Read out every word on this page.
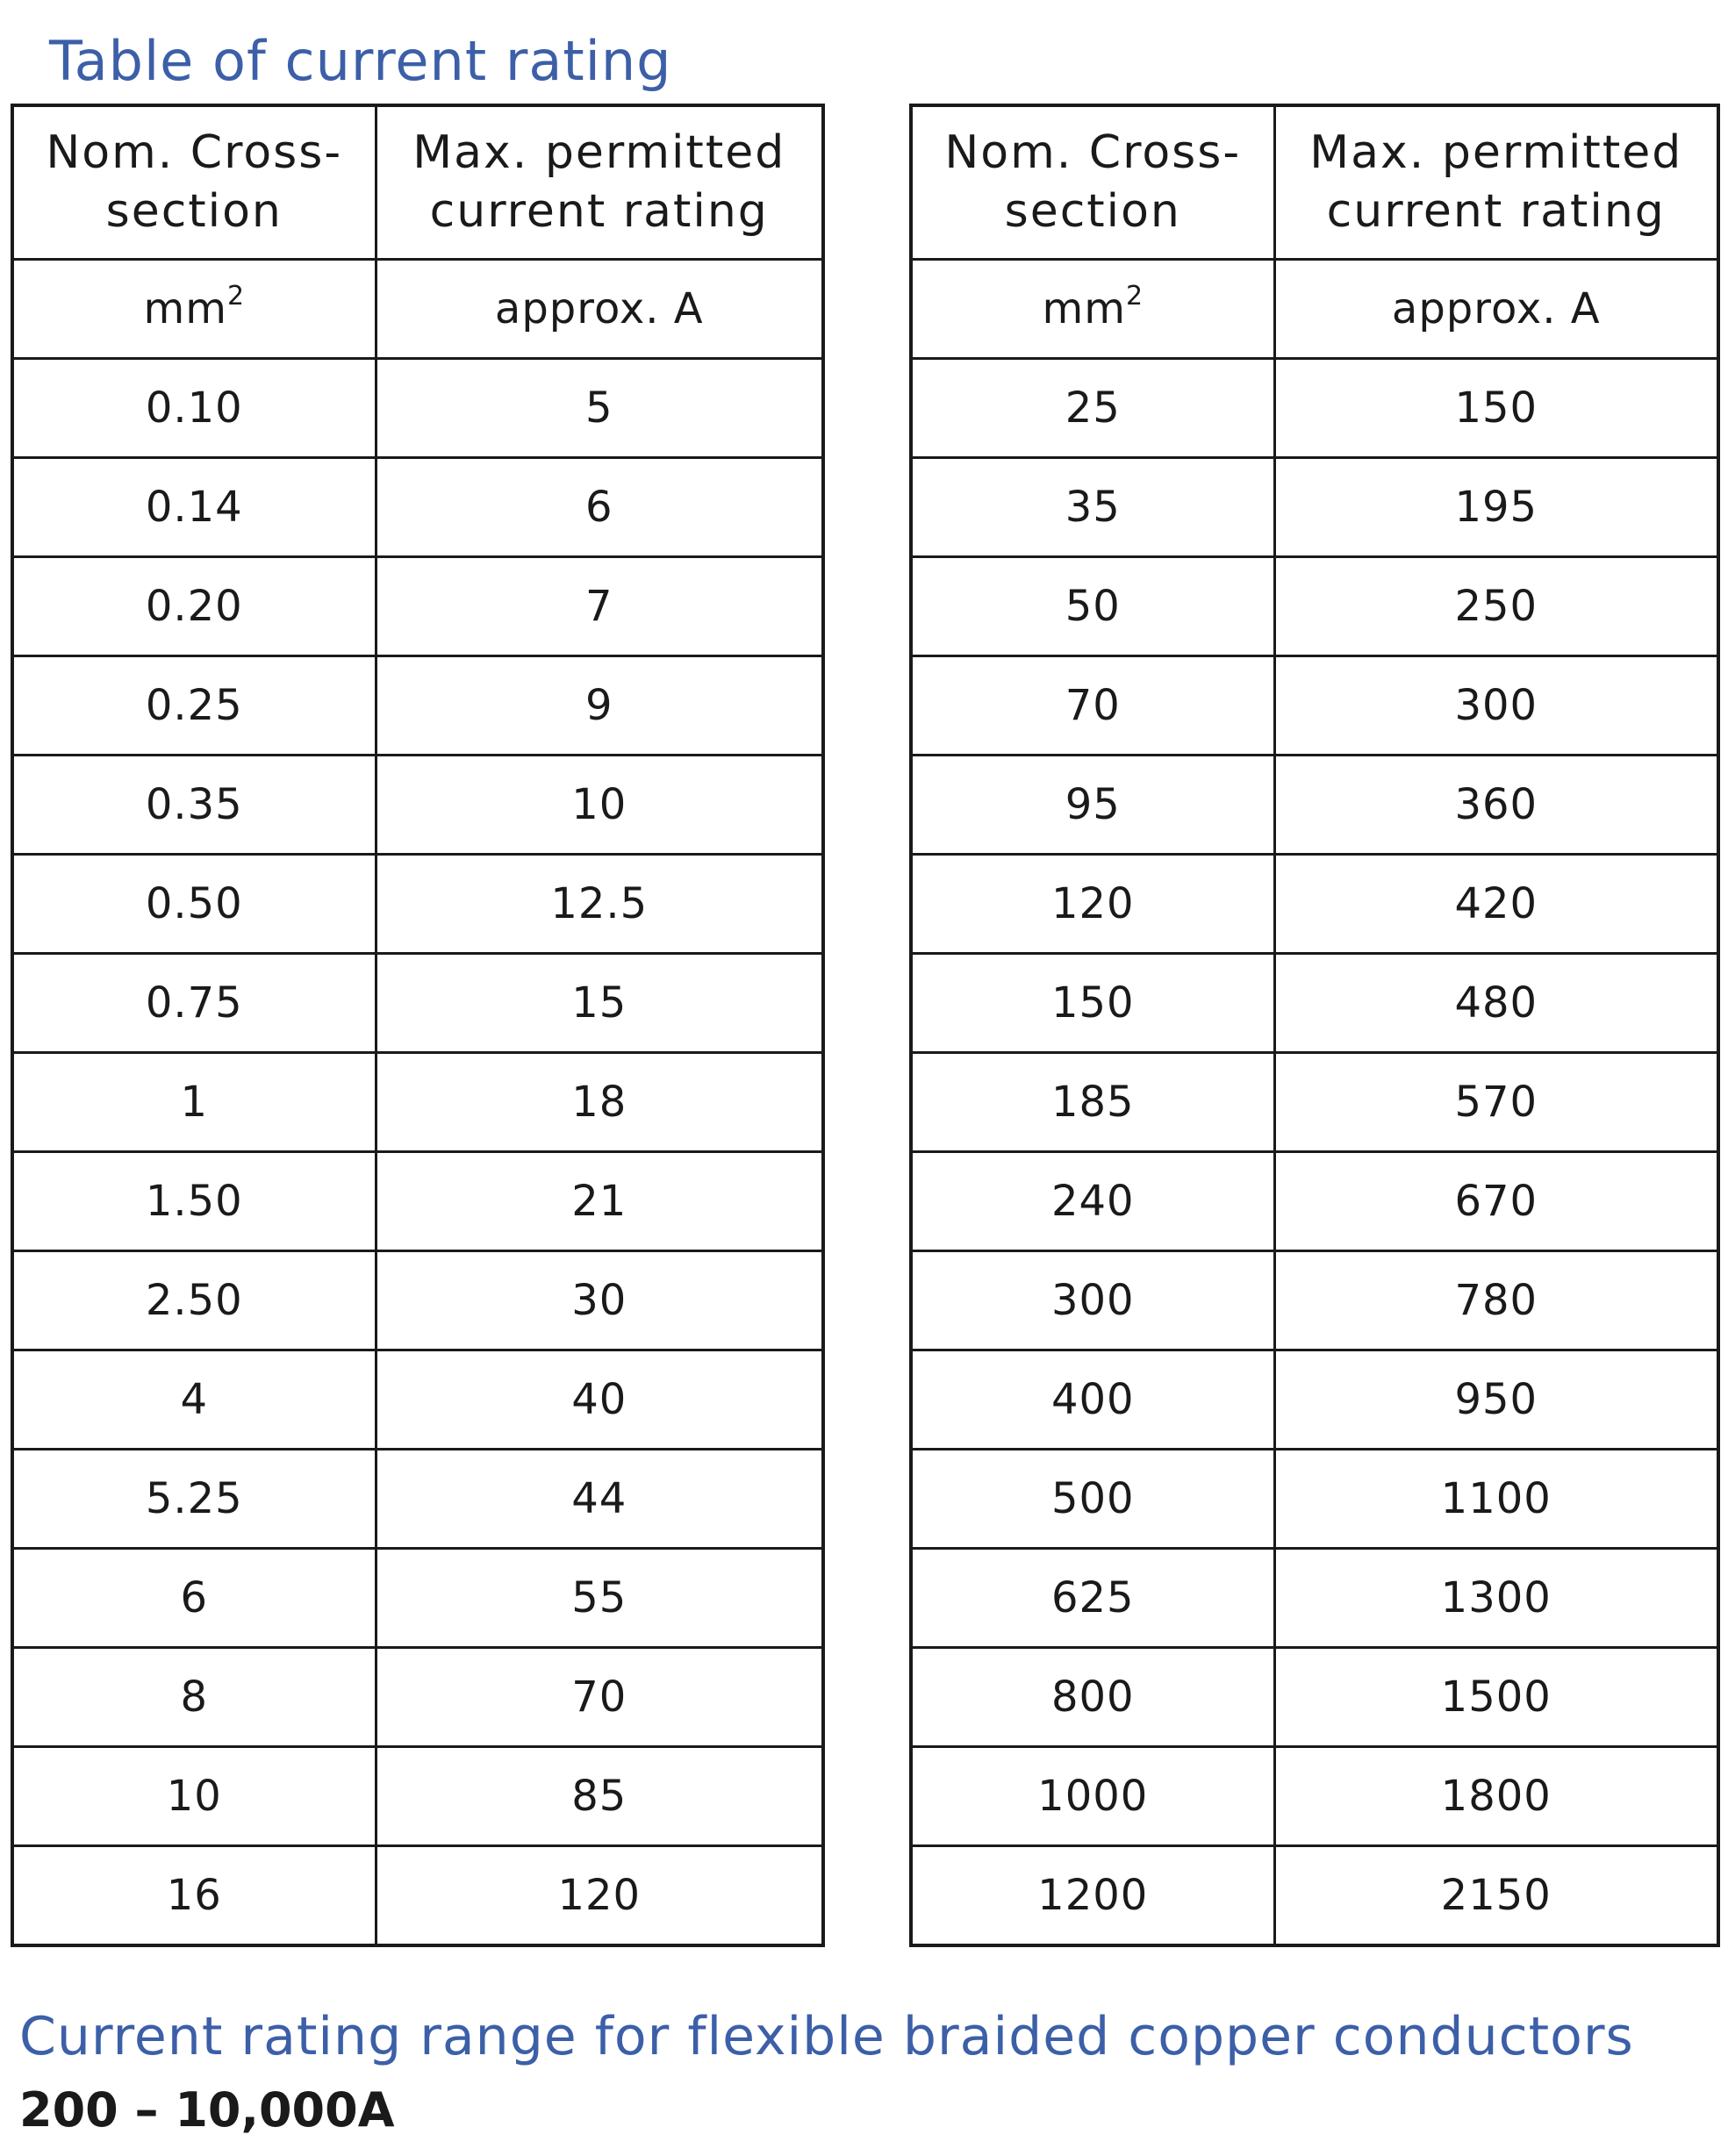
Table of current rating
Nom. Cross-
section	Max. permitted
current rating
$mm^2$	approx. A
0.10	5
0.14	6
0.20	7
0.25	9
0.35	10
0.50	12.5
0.75	15
1	18
1.50	21
2.50	30
4	40
5.25	44
6	55
8	70
10	85
16	120
Nom. Cross-
section	Max. permitted
current rating
$mm^2$	approx. A
25	150
35	195
50	250
70	300
95	360
120	420
150	480
185	570
240	670
300	780
400	950
500	1100
625	1300
800	1500
1000	1800
1200	2150
Current rating range for flexible braided copper conductors

200 – 10,000A
